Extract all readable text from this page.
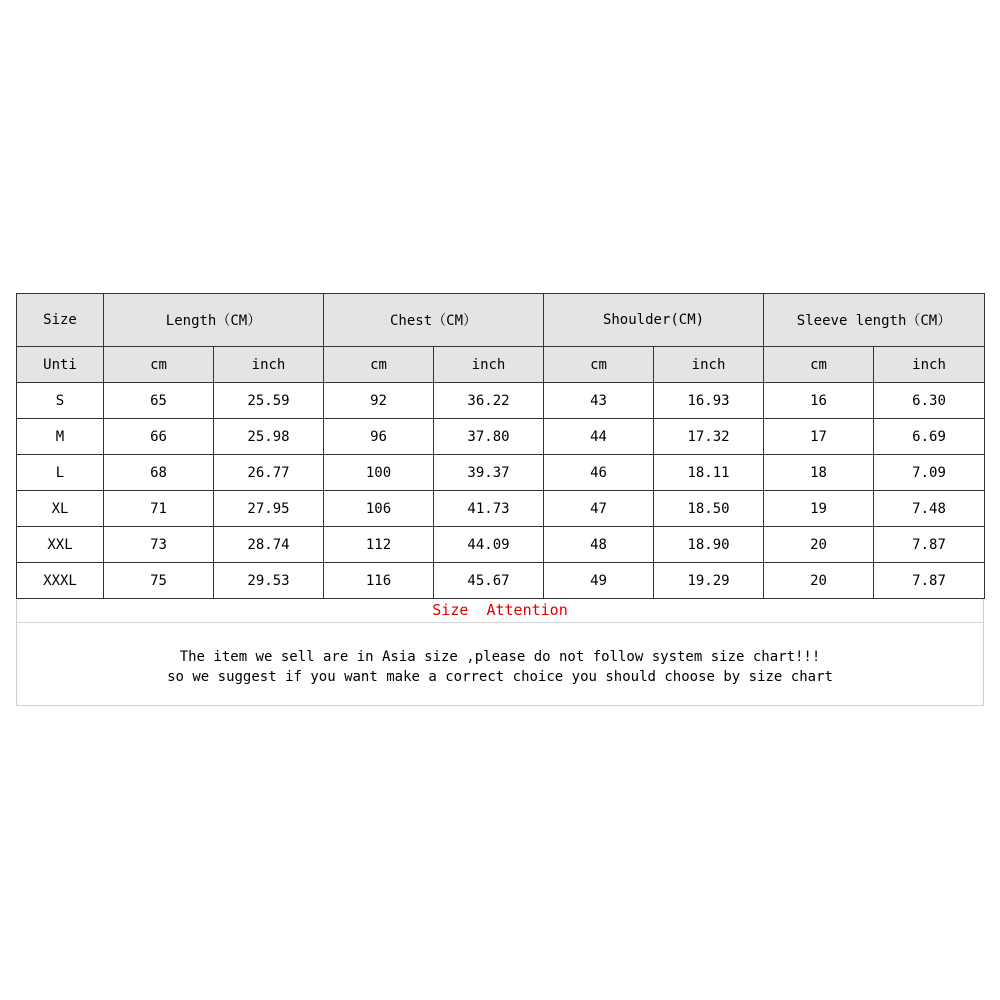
Size	Length（CM）		Chest（CM）		Shoulder(CM)		Sleeve length（CM）	
Unti	cm	inch	cm	inch	cm	inch	cm	inch
S	65	25.59	92	36.22	43	16.93	16	6.30
M	66	25.98	96	37.80	44	17.32	17	6.69
L	68	26.77	100	39.37	46	18.11	18	7.09
XL	71	27.95	106	41.73	47	18.50	19	7.48
XXL	73	28.74	112	44.09	48	18.90	20	7.87
XXXL	75	29.53	116	45.67	49	19.29	20	7.87
Size  Attention
The item we sell are in Asia size ,please do not follow system size chart!!!
so we suggest if you want make a correct choice you should choose by size chart
